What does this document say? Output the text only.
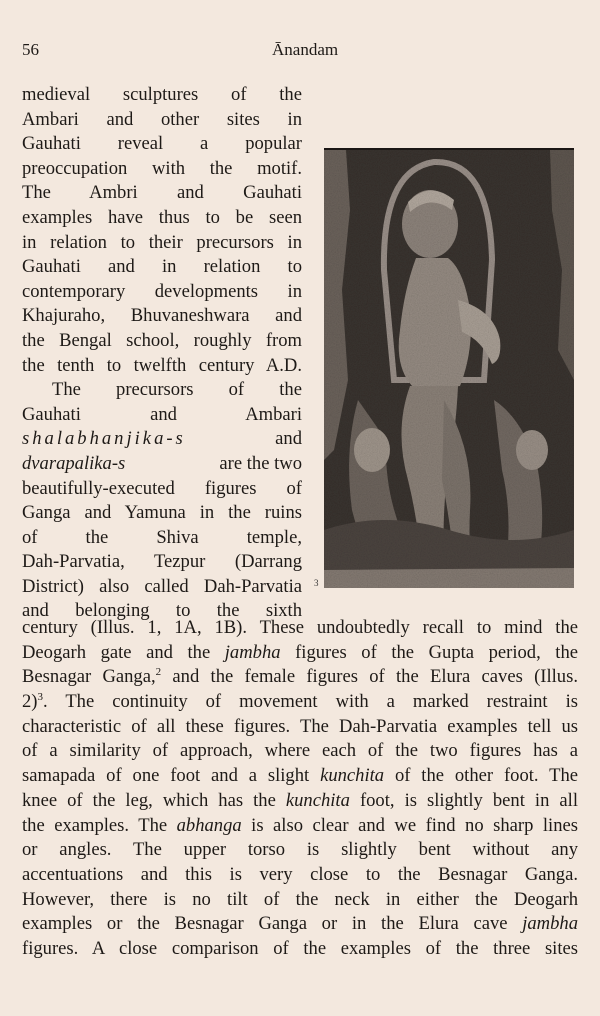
56	Ānandam
medieval sculptures of the
Ambari and other sites in
Gauhati reveal a popular
preoccupation with the motif.
The Ambri and Gauhati
examples have thus to be seen
in relation to their precursors in
Gauhati and in relation to
contemporary developments in
Khajuraho, Bhuvaneshwara and
the Bengal school, roughly from
the tenth to twelfth century A.D.
The precursors of the
Gauhati and Ambari
shalabhanjika-s	and
dvarapalika-s	are the two
beautifully-executed figures of
Ganga and Yamuna in the ruins
of the Shiva temple,
Dah-Parvatia, Tezpur (Darrang
District) also called Dah-Parvatia
and belonging to the sixth
3
century (Illus. 1, 1A, 1B). These undoubtedly recall to mind the
Deogarh gate and the jambha figures of the Gupta period, the
Besnagar Ganga,$^2$ and the female figures of the Elura caves (Illus.
2)$^3$. The continuity of movement with a marked restraint is
characteristic of all these figures. The Dah-Parvatia examples tell us
of a similarity of approach, where each of the two figures has a
samapada of one foot and a slight kunchita of the other foot. The
knee of the leg, which has the kunchita foot, is slightly bent in all
the examples. The abhanga is also clear and we find no sharp lines
or angles. The upper torso is slightly bent without any
accentuations and this is very close to the Besnagar Ganga.
However, there is no tilt of the neck in either the Deogarh
examples or the Besnagar Ganga or in the Elura cave jambha
figures. A close comparison of the examples of the three sites
